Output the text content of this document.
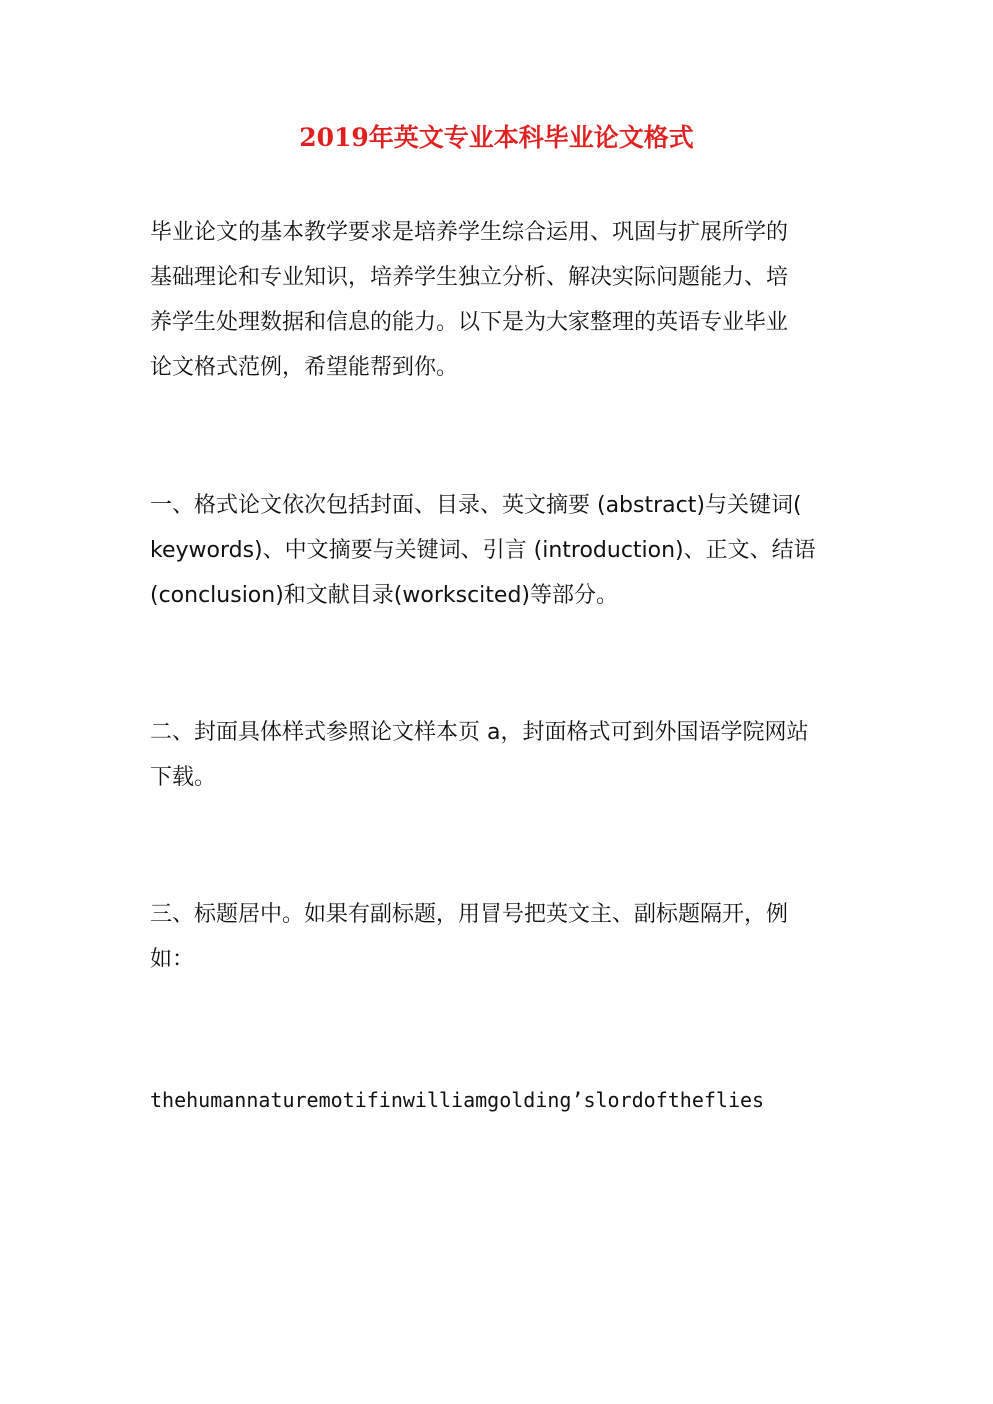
2019年英文专业本科毕业论文格式
毕业论文的基本教学要求是培养学生综合运用、巩固与扩展所学的
基础理论和专业知识，培养学生独立分析、解决实际问题能力、培
养学生处理数据和信息的能力。以下是为大家整理的英语专业毕业
论文格式范例，希望能帮到你。
一、格式论文依次包括封面、目录、英文摘要 (abstract)与关键词(
keywords)、中文摘要与关键词、引言 (introduction)、正文、结语
(conclusion)和文献目录(workscited)等部分。
二、封面具体样式参照论文样本页 a，封面格式可到外国语学院网站
下载。
三、标题居中。如果有副标题，用冒号把英文主、副标题隔开，例
如：
thehumannaturemotifinwilliamgolding’slordoftheflies
